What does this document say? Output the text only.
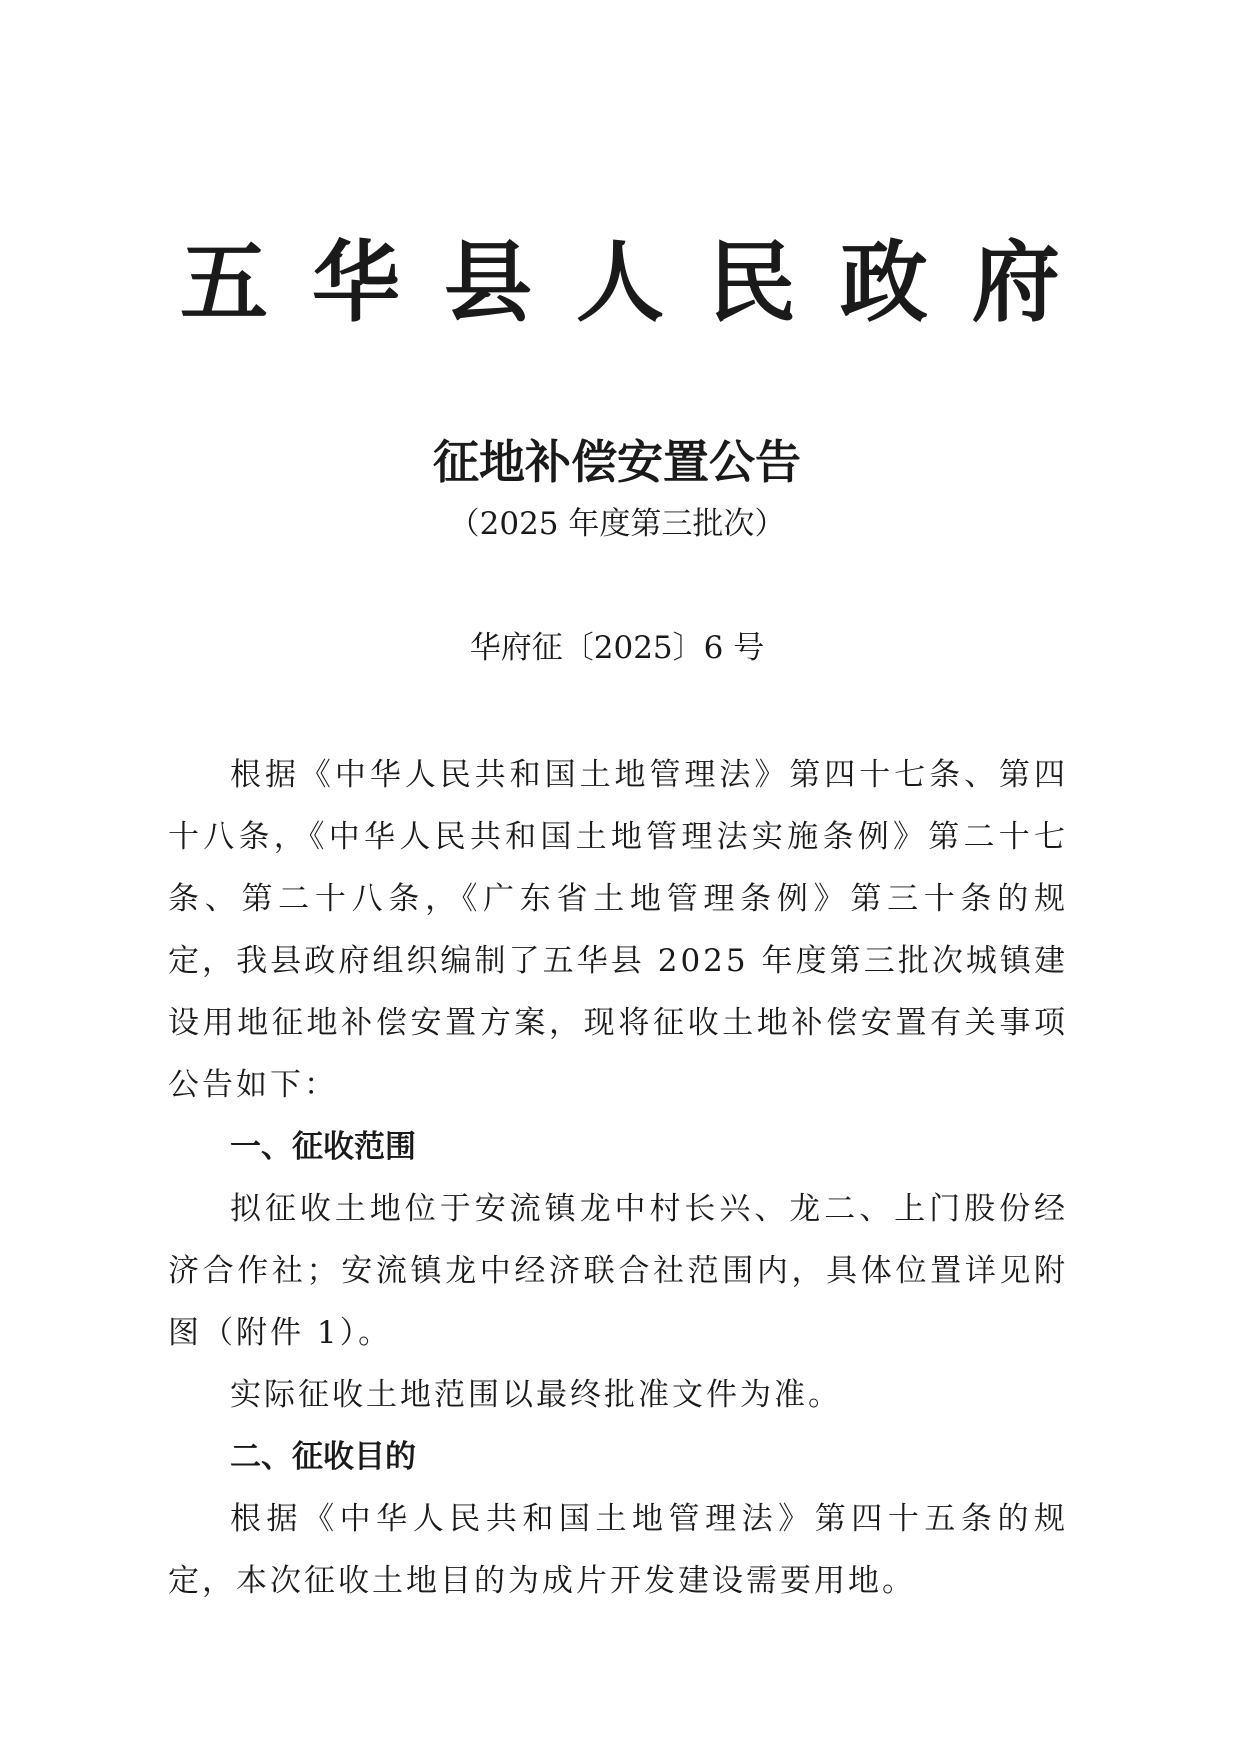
五 华 县 人 民 政 府
征地补偿安置公告
（2025 年度第三批次）
华府征〔2025〕6 号

根据《中华人民共和国土地管理法》第四十七条、第四十八条，《中华人民共和国土地管理法实施条例》第二十七条、第二十八条，《广东省土地管理条例》第三十条的规定，我县政府组织编制了五华县 2025 年度第三批次城镇建设用地征地补偿安置方案，现将征收土地补偿安置有关事项公告如下：

一、征收范围

拟征收土地位于安流镇龙中村长兴、龙二、上门股份经济合作社；安流镇龙中经济联合社范围内，具体位置详见附图（附件 1）。

实际征收土地范围以最终批准文件为准。

二、征收目的

根据《中华人民共和国土地管理法》第四十五条的规定，本次征收土地目的为成片开发建设需要用地。
